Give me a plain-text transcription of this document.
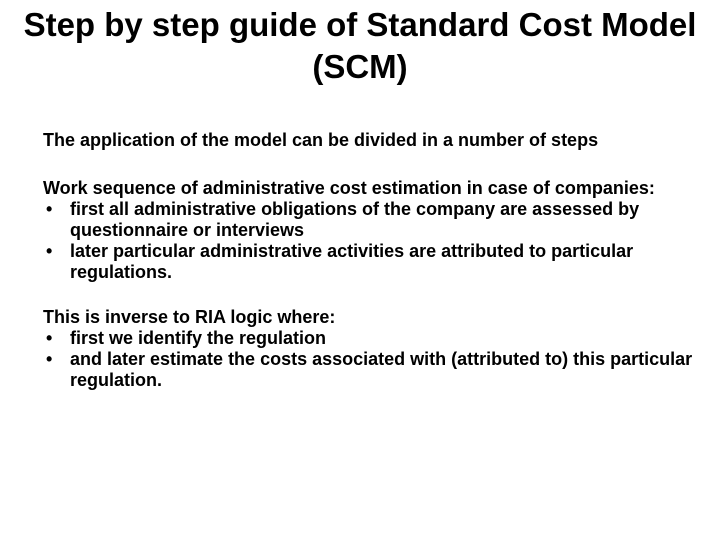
Step by step guide of Standard Cost Model (SCM)

The application of the model can be divided in a number of steps

Work sequence of administrative cost estimation in case of companies:

• first all administrative obligations of the company are assessed by questionnaire or interviews
• later particular administrative activities are attributed to particular regulations.

This is inverse to RIA logic where:

• first we identify the regulation
• and later estimate the costs associated with (attributed to) this particular regulation.
